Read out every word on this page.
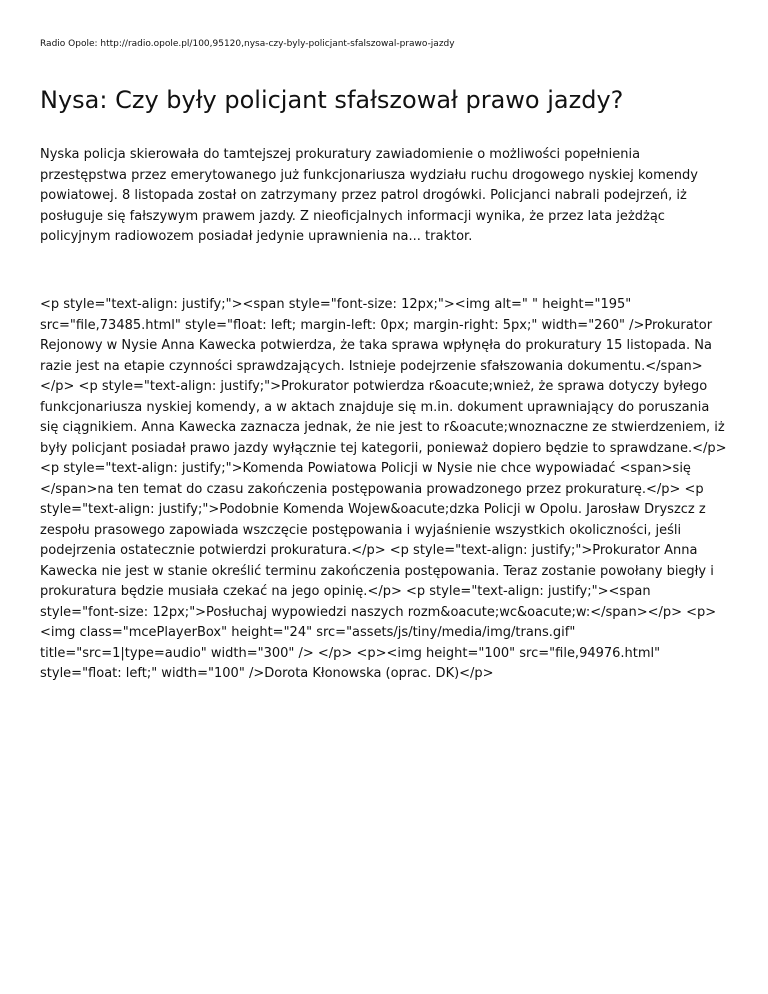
Radio Opole: http://radio.opole.pl/100,95120,nysa-czy-byly-policjant-sfalszowal-prawo-jazdy
Nysa: Czy były policjant sfałszował prawo jazdy?

Nyska policja skierowała do tamtejszej prokuratury zawiadomienie o możliwości popełnienia przestępstwa przez emerytowanego już funkcjonariusza wydziału ruchu drogowego nyskiej komendy powiatowej. 8 listopada został on zatrzymany przez patrol drogówki. Policjanci nabrali podejrzeń, iż posługuje się fałszywym prawem jazdy. Z nieoficjalnych informacji wynika, że przez lata jeżdżąc policyjnym radiowozem posiadał jedynie uprawnienia na... traktor.

<p style="text-align: justify;"><span style="font-size: 12px;"><img alt=" " height="195" src="file,73485.html" style="float: left; margin-left: 0px; margin-right: 5px;" width="260" />Prokurator Rejonowy w Nysie Anna Kawecka potwierdza, że taka sprawa wpłynęła do prokuratury 15 listopada. Na razie jest na etapie czynności sprawdzających. Istnieje podejrzenie sfałszowania dokumentu.</span></p> <p style="text-align: justify;">Prokurator potwierdza r&oacute;wnież, że sprawa dotyczy byłego funkcjonariusza nyskiej komendy, a w aktach znajduje się m.in. dokument uprawniający do poruszania się ciągnikiem. Anna Kawecka zaznacza jednak, że nie jest to r&oacute;wnoznaczne ze stwierdzeniem, iż były policjant posiadał prawo jazdy wyłącznie tej kategorii, ponieważ dopiero będzie to sprawdzane.</p> <p style="text-align: justify;">Komenda Powiatowa Policji w Nysie nie chce wypowiadać <span>się </span>na ten temat do czasu zakończenia postępowania prowadzonego przez prokuraturę.</p> <p style="text-align: justify;">Podobnie Komenda Wojew&oacute;dzka Policji w Opolu. Jarosław Dryszcz z zespołu prasowego zapowiada wszczęcie postępowania i wyjaśnienie wszystkich okoliczności, jeśli podejrzenia ostatecznie potwierdzi prokuratura.</p> <p style="text-align: justify;">Prokurator Anna Kawecka nie jest w stanie określić terminu zakończenia postępowania. Teraz zostanie powołany biegły i prokuratura będzie musiała czekać na jego opinię.</p> <p style="text-align: justify;"><span style="font-size: 12px;">Posłuchaj wypowiedzi naszych rozm&oacute;wc&oacute;w:</span></p> <p><img class="mcePlayerBox" height="24" src="assets/js/tiny/media/img/trans.gif" title="src=1|type=audio" width="300" /> </p> <p><img height="100" src="file,94976.html" style="float: left;" width="100" />Dorota Kłonowska (oprac. DK)</p>
